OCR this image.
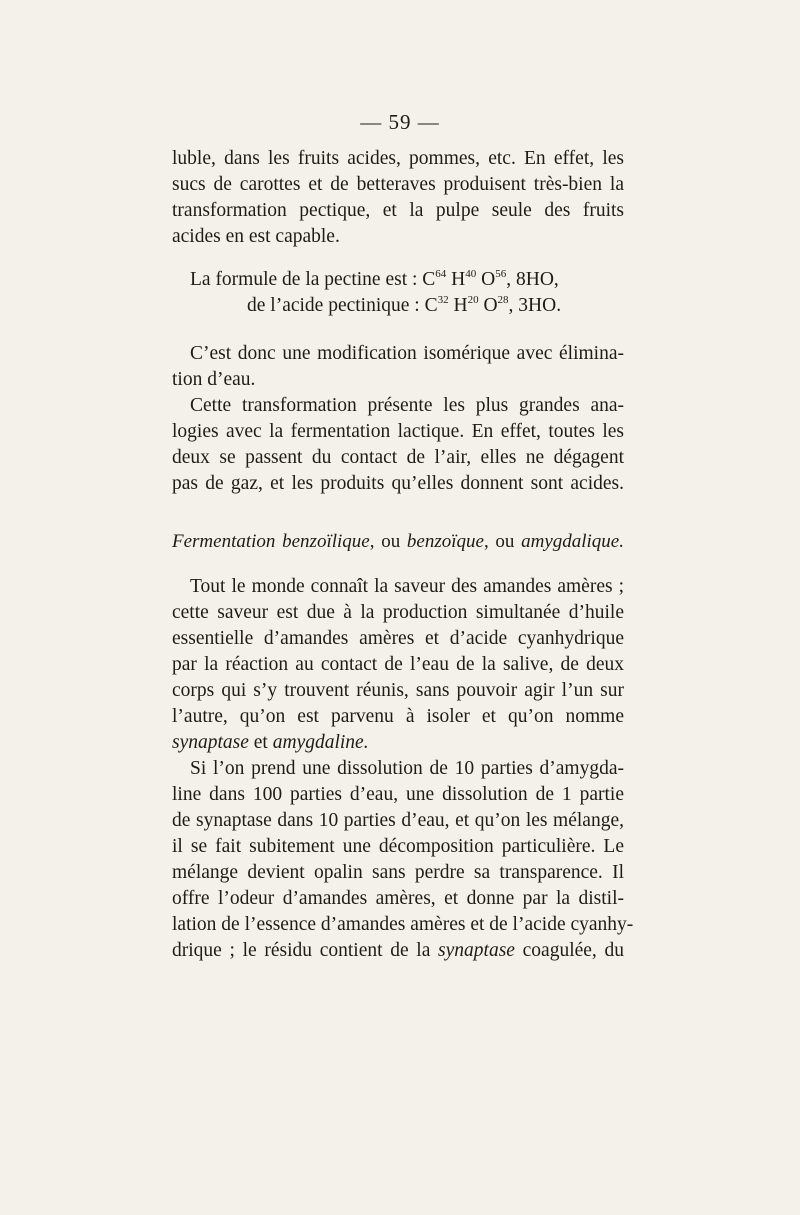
— 59 —
luble, dans les fruits acides, pommes, etc. En effet, les
sucs de carottes et de betteraves produisent très-bien la
transformation pectique, et la pulpe seule des fruits
acides en est capable.
La formule de la pectine est : $C^{64}$ $H^{40}$ $O^{56}$, 8HO,
de l’acide pectinique : $C^{32}$ $H^{20}$ $O^{28}$, 3HO.
C’est donc une modification isomérique avec élimina-
tion d’eau.
Cette transformation présente les plus grandes ana-
logies avec la fermentation lactique. En effet, toutes les
deux se passent du contact de l’air, elles ne dégagent
pas de gaz, et les produits qu’elles donnent sont acides.
Fermentation benzoïlique, ou benzoïque, ou amygdalique.
Tout le monde connaît la saveur des amandes amères ;
cette saveur est due à la production simultanée d’huile
essentielle d’amandes amères et d’acide cyanhydrique
par la réaction au contact de l’eau de la salive, de deux
corps qui s’y trouvent réunis, sans pouvoir agir l’un sur
l’autre, qu’on est parvenu à isoler et qu’on nomme
synaptase et amygdaline.
Si l’on prend une dissolution de 10 parties d’amygda-
line dans 100 parties d’eau, une dissolution de 1 partie
de synaptase dans 10 parties d’eau, et qu’on les mélange,
il se fait subitement une décomposition particulière. Le
mélange devient opalin sans perdre sa transparence. Il
offre l’odeur d’amandes amères, et donne par la distil-
lation de l’essence d’amandes amères et de l’acide cyanhy-
drique ; le résidu contient de la synaptase coagulée, du
